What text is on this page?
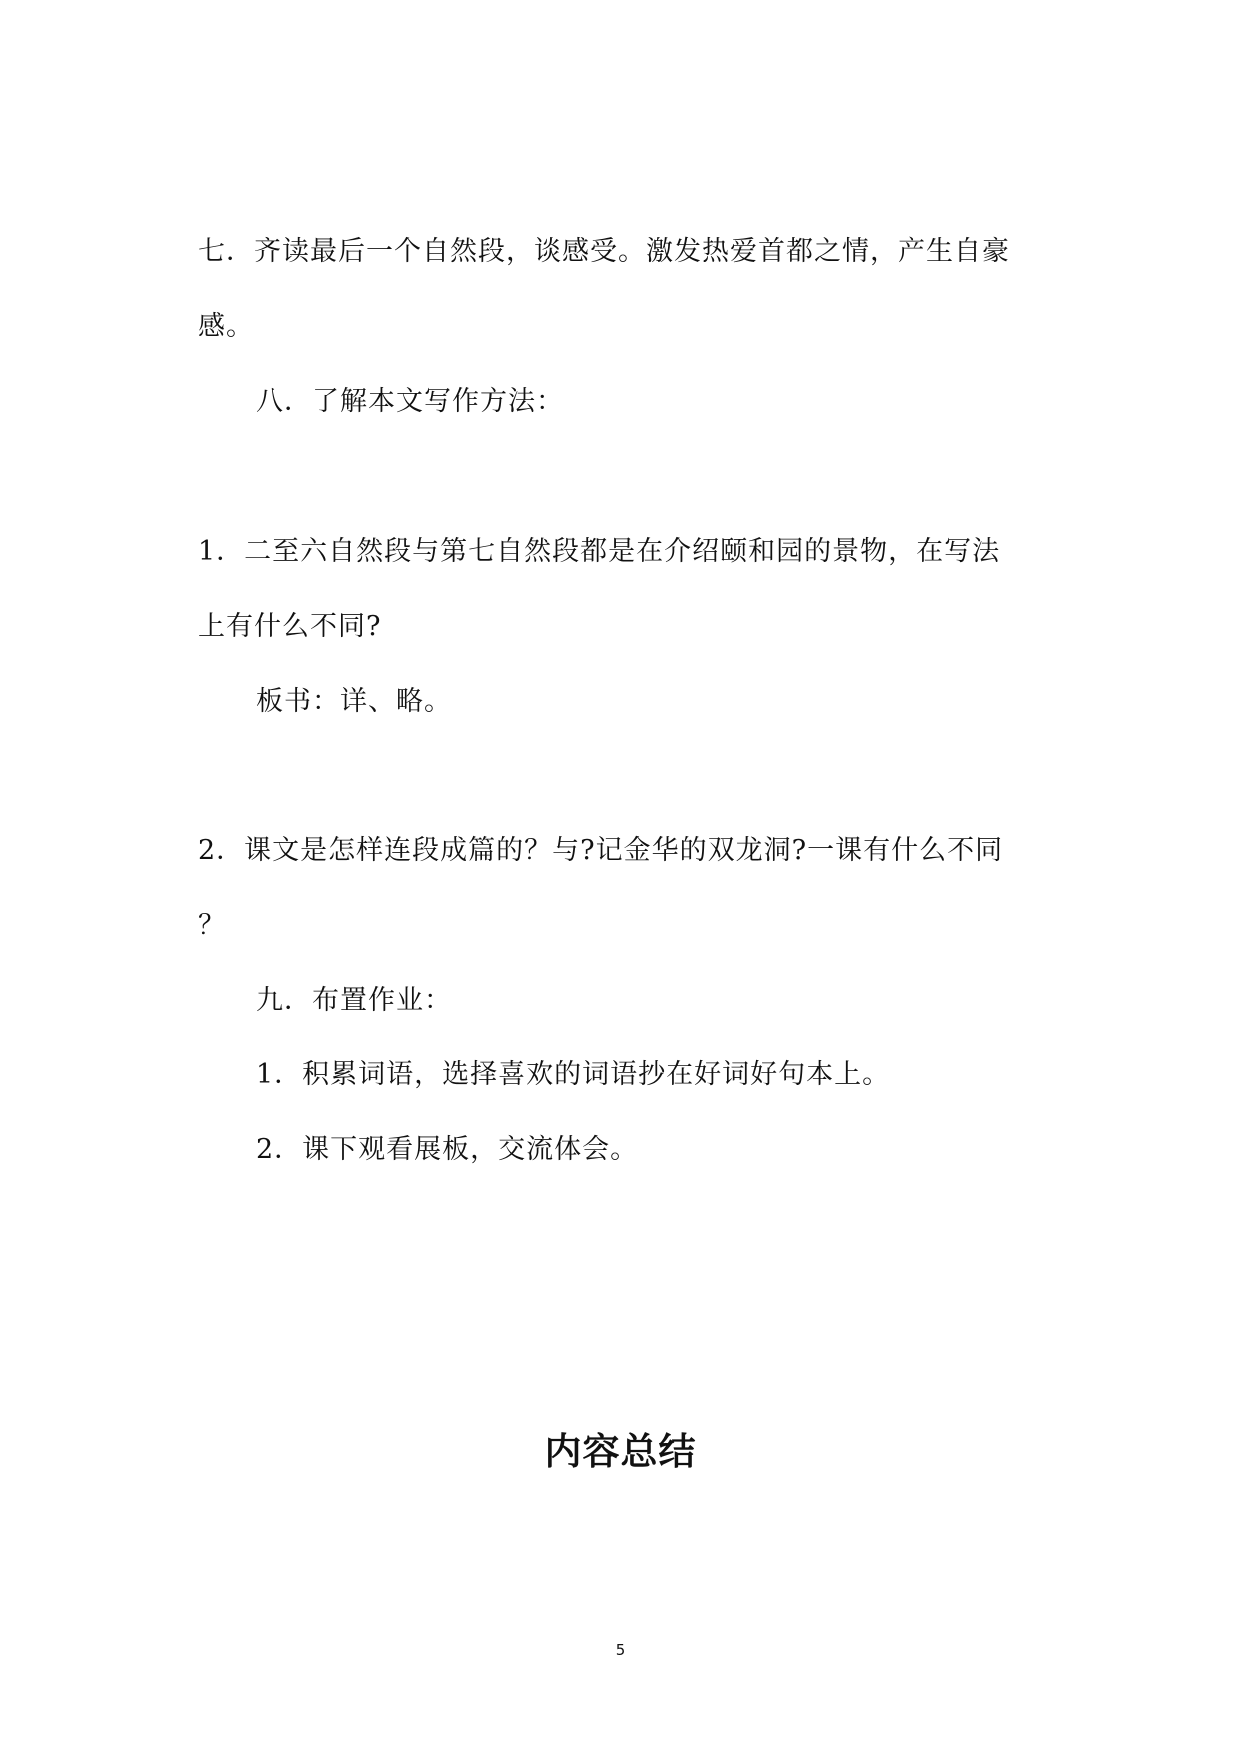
七．齐读最后一个自然段，谈感受。激发热爱首都之情，产生自豪
感。
八．了解本文写作方法：
1．二至六自然段与第七自然段都是在介绍颐和园的景物，在写法
上有什么不同?
板书：详、略。
2．课文是怎样连段成篇的？与?记金华的双龙洞?一课有什么不同
？
九．布置作业：
1．积累词语，选择喜欢的词语抄在好词好句本上。
2．课下观看展板，交流体会。
内容总结
5
